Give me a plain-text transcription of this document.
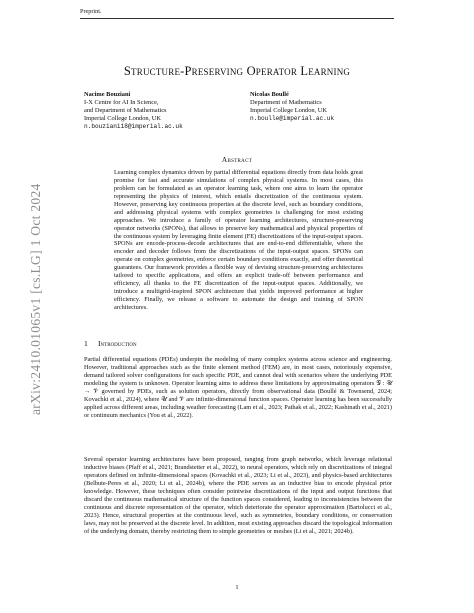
Preprint.
Structure-Preserving Operator Learning
Nacime Bouziani
I-X Centre for AI In Science,
and Department of Mathematics
Imperial College London, UK
n.bouziani18@imperial.ac.uk
Nicolas Boullé
Department of Mathematics
Imperial College London, UK
n.boulle@imperial.ac.uk
Abstract
Learning complex dynamics driven by partial differential equations directly from data holds great promise for fast and accurate simulations of complex physical systems. In most cases, this problem can be formulated as an operator learning task, where one aims to learn the operator representing the physics of interest, which entails discretization of the continuous system. However, preserving key continuous properties at the discrete level, such as boundary conditions, and addressing physical systems with complex geometries is challenging for most existing approaches. We introduce a family of operator learning architectures, structure-preserving operator networks (SPONs), that allows to preserve key mathematical and physical properties of the continuous system by leveraging finite element (FE) discretizations of the input-output spaces. SPONs are encode-process-decode architectures that are end-to-end differentiable, where the encoder and decoder follows from the discretizations of the input-output spaces. SPONs can operate on complex geometries, enforce certain boundary conditions exactly, and offer theoretical guarantees. Our framework provides a flexible way of devising structure-preserving architectures tailored to specific applications, and offers an explicit trade-off between performance and efficiency, all thanks to the FE discretization of the input-output spaces. Additionally, we introduce a multigrid-inspired SPON architecture that yields improved performance at higher efficiency. Finally, we release a software to automate the design and training of SPON architectures.
1 Introduction
Partial differential equations (PDEs) underpin the modeling of many complex systems across science and engineering. However, traditional approaches such as the finite element method (FEM) are, in most cases, notoriously expensive, demand tailored solver configurations for each specific PDE, and cannot deal with scenarios where the underlying PDE modeling the system is unknown. Operator learning aims to address these limitations by approximating operators 𝒢 : 𝒰 → 𝒱 governed by PDEs, such as solution operators, directly from observational data (Boullé & Townsend, 2024; Kovachki et al., 2024), where 𝒰 and 𝒱 are infinite-dimensional function spaces. Operator learning has been successfully applied across different areas, including weather forecasting (Lam et al., 2023; Pathak et al., 2022; Kashinath et al., 2021) or continuum mechanics (You et al., 2022).
Several operator learning architectures have been proposed, ranging from graph networks, which leverage relational inductive biases (Pfaff et al., 2021; Brandstetter et al., 2022), to neural operators, which rely on discretizations of integral operators defined on infinite-dimensional spaces (Kovachki et al., 2023; Li et al., 2023), and physics-based architectures (Belbute-Peres et al., 2020; Li et al., 2024b), where the PDE serves as an inductive bias to encode physical prior knowledge. However, these techniques often consider pointwise discretizations of the input and output functions that discard the continuous mathematical structure of the function spaces considered, leading to inconsistencies between the continuous and discrete representation of the operator, which deteriorate the operator approximation (Bartolucci et al., 2023). Hence, structural properties at the continuous level, such as symmetries, boundary conditions, or conservation laws, may not be preserved at the discrete level. In addition, most existing approaches discard the topological information of the underlying domain, thereby restricting them to simple geometries or meshes (Li et al., 2021; 2024b).
arXiv:2410.01065v1 [cs.LG] 1 Oct 2024
1
